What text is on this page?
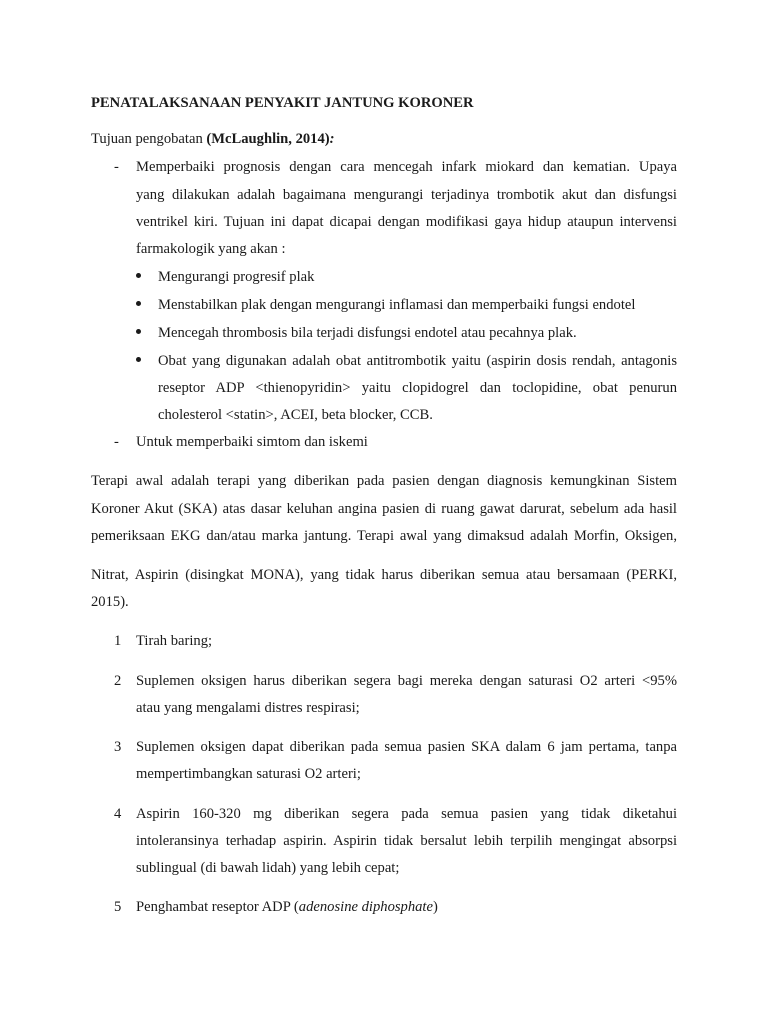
PENATALAKSANAAN PENYAKIT JANTUNG KORONER
Tujuan pengobatan (McLaughlin, 2014):
- Memperbaiki prognosis dengan cara mencegah infark miokard dan kematian. Upaya
yang dilakukan adalah bagaimana mengurangi terjadinya trombotik akut dan disfungsi
ventrikel kiri. Tujuan ini dapat dicapai dengan modifikasi gaya hidup ataupun intervensi
farmakologik yang akan :
Mengurangi progresif plak
Menstabilkan plak dengan mengurangi inflamasi dan memperbaiki fungsi endotel
Mencegah thrombosis bila terjadi disfungsi endotel atau pecahnya plak.
Obat yang digunakan adalah obat antitrombotik yaitu (aspirin dosis rendah, antagonis
reseptor ADP <thienopyridin> yaitu clopidogrel dan toclopidine, obat penurun
cholesterol <statin>, ACEI, beta blocker, CCB.
- Untuk memperbaiki simtom dan iskemi
Terapi awal adalah terapi yang diberikan pada pasien dengan diagnosis kemungkinan Sistem
Koroner Akut (SKA) atas dasar keluhan angina pasien di ruang gawat darurat, sebelum ada hasil
pemeriksaan EKG dan/atau marka jantung. Terapi awal yang dimaksud adalah Morfin, Oksigen,
Nitrat, Aspirin (disingkat MONA), yang tidak harus diberikan semua atau bersamaan (PERKI,
2015).
1 Tirah baring;
2 Suplemen oksigen harus diberikan segera bagi mereka dengan saturasi O2 arteri <95%
atau yang mengalami distres respirasi;
3 Suplemen oksigen dapat diberikan pada semua pasien SKA dalam 6 jam pertama, tanpa
mempertimbangkan saturasi O2 arteri;
4 Aspirin 160-320 mg diberikan segera pada semua pasien yang tidak diketahui
intoleransinya terhadap aspirin. Aspirin tidak bersalut lebih terpilih mengingat absorpsi
sublingual (di bawah lidah) yang lebih cepat;
5 Penghambat reseptor ADP (adenosine diphosphate)
